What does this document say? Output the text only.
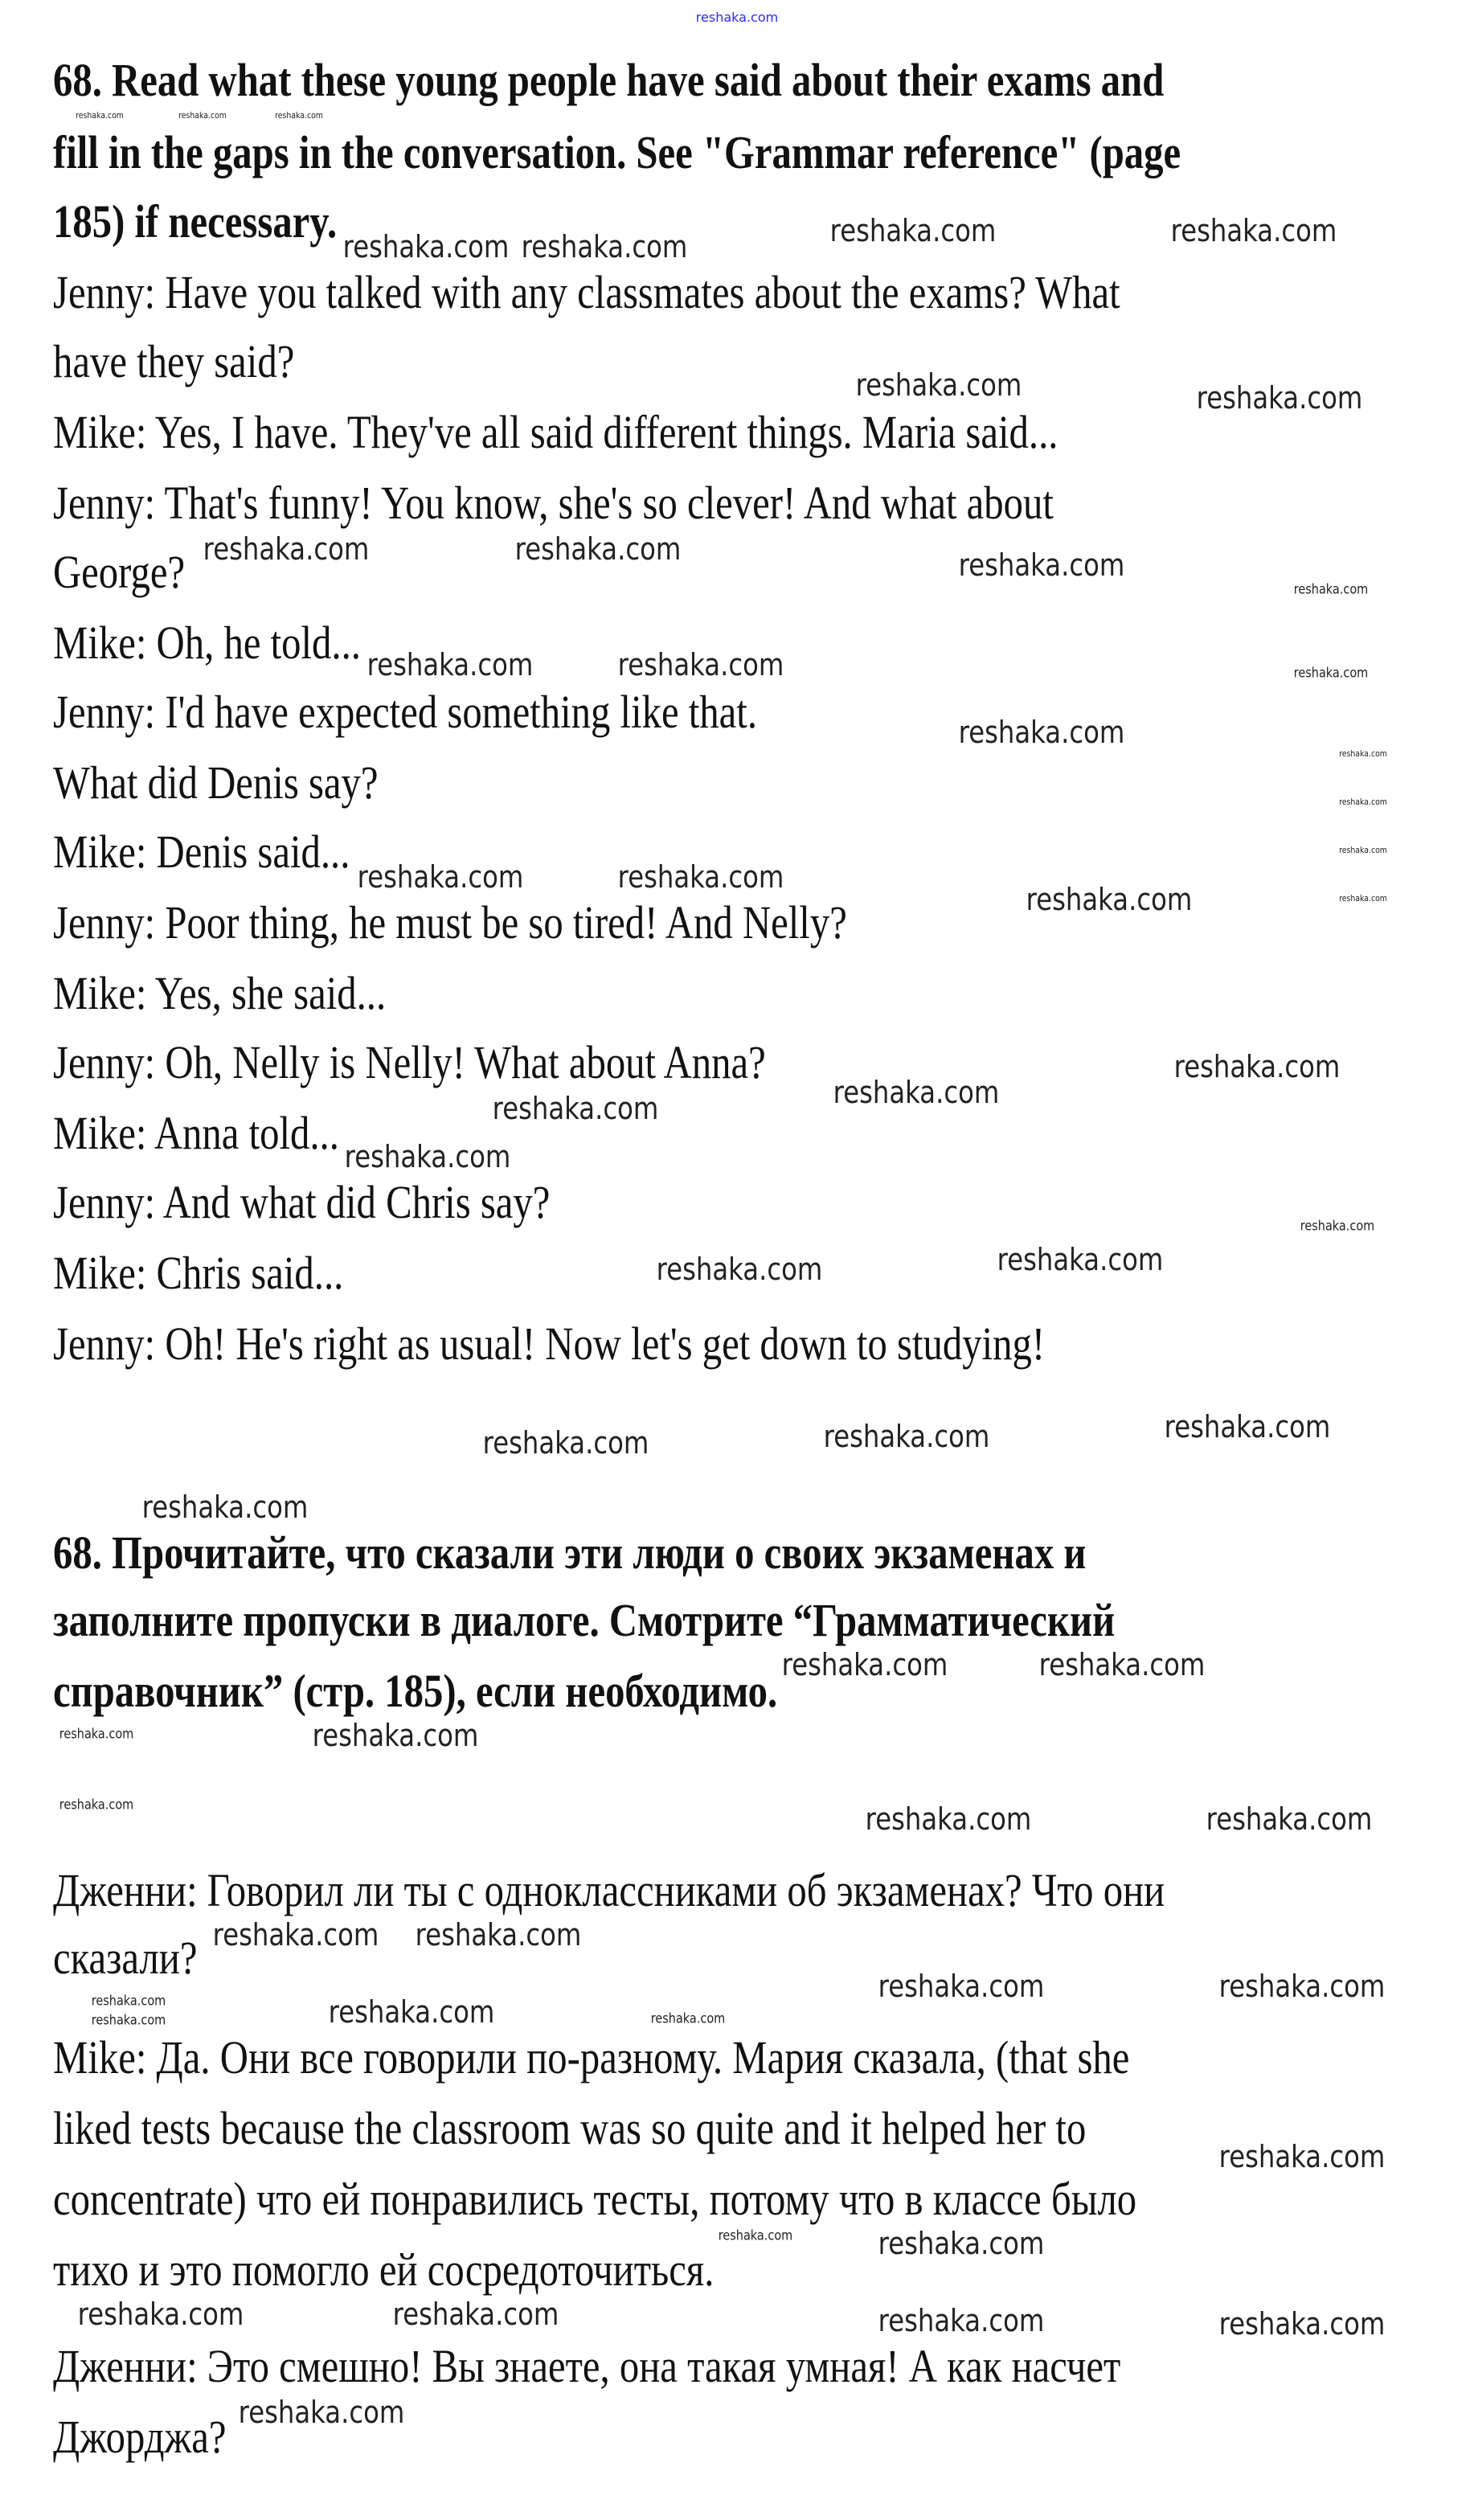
reshaka.com
68. Read what these young people have said about their exams and
fill in the gaps in the conversation. See "Grammar reference" (page
185) if necessary.
Jenny: Have you talked with any classmates about the exams? What
have they said?
Mike: Yes, I have. They've all said different things. Maria said...
Jenny: That's funny! You know, she's so clever! And what about
George?
Mike: Oh, he told...
Jenny: I'd have expected something like that.
What did Denis say?
Mike: Denis said...
Jenny: Poor thing, he must be so tired! And Nelly?
Mike: Yes, she said...
Jenny: Oh, Nelly is Nelly! What about Anna?
Mike: Anna told...
Jenny: And what did Chris say?
Mike: Chris said...
Jenny: Oh! He's right as usual! Now let's get down to studying!
68. Прочитайте, что сказали эти люди о своих экзаменах и
заполните пропуски в диалоге. Смотрите “Грамматический
справочник” (стр. 185), если необходимо.
Дженни: Говорил ли ты с одноклассниками об экзаменах? Что они
сказали?
Mike: Да. Они все говорили по-разному. Мария сказала, (that she
liked tests because the classroom was so quite and it helped her to
concentrate) что ей понравились тесты, потому что в классе было
тихо и это помогло ей сосредоточиться.
Дженни: Это смешно! Вы знаете, она такая умная! А как насчет
Джорджа?
reshaka.com	reshaka.com
reshaka.com reshaka.com
reshaka.com	reshaka.com
reshaka.com	reshaka.com	reshaka.com
reshaka.com	reshaka.com
reshaka.com
reshaka.com	reshaka.com
reshaka.com
reshaka.com	reshaka.com
reshaka.com
reshaka.com
reshaka.com	reshaka.com
reshaka.com	reshaka.com	reshaka.com
reshaka.com
reshaka.com	reshaka.com
reshaka.com
reshaka.com	reshaka.com
reshaka.com
reshaka.com	reshaka.com
reshaka.com
reshaka.com
reshaka.com
reshaka.com	reshaka.com	reshaka.com
reshaka.com
reshaka.com
reshaka.com
reshaka.com
reshaka.com
reshaka.com
reshaka.com
reshaka.com
reshaka.com
reshaka.com
reshaka.com
reshaka.com
reshaka.com	reshaka.com	reshaka.com
reshaka.com
reshaka.com
reshaka.com
reshaka.com
